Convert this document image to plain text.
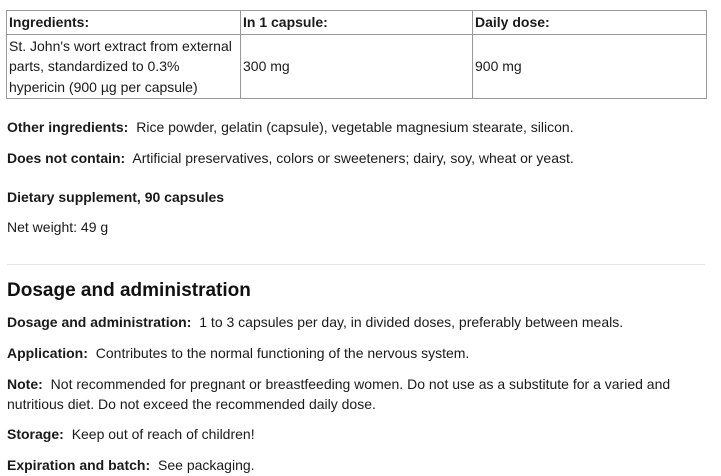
Ingredients:	In 1 capsule:	Daily dose:
St. John's wort extract from external parts, standardized to 0.3% hypericin (900 µg per capsule)	300 mg	900 mg

Other ingredients: Rice powder, gelatin (capsule), vegetable magnesium stearate, silicon.

Does not contain: Artificial preservatives, colors or sweeteners; dairy, soy, wheat or yeast.

Dietary supplement, 90 capsules

Net weight: 49 g

Dosage and administration

Dosage and administration: 1 to 3 capsules per day, in divided doses, preferably between meals.

Application: Contributes to the normal functioning of the nervous system.

Note: Not recommended for pregnant or breastfeeding women. Do not use as a substitute for a varied and nutritious diet. Do not exceed the recommended daily dose.

Storage: Keep out of reach of children!

Expiration and batch: See packaging.
